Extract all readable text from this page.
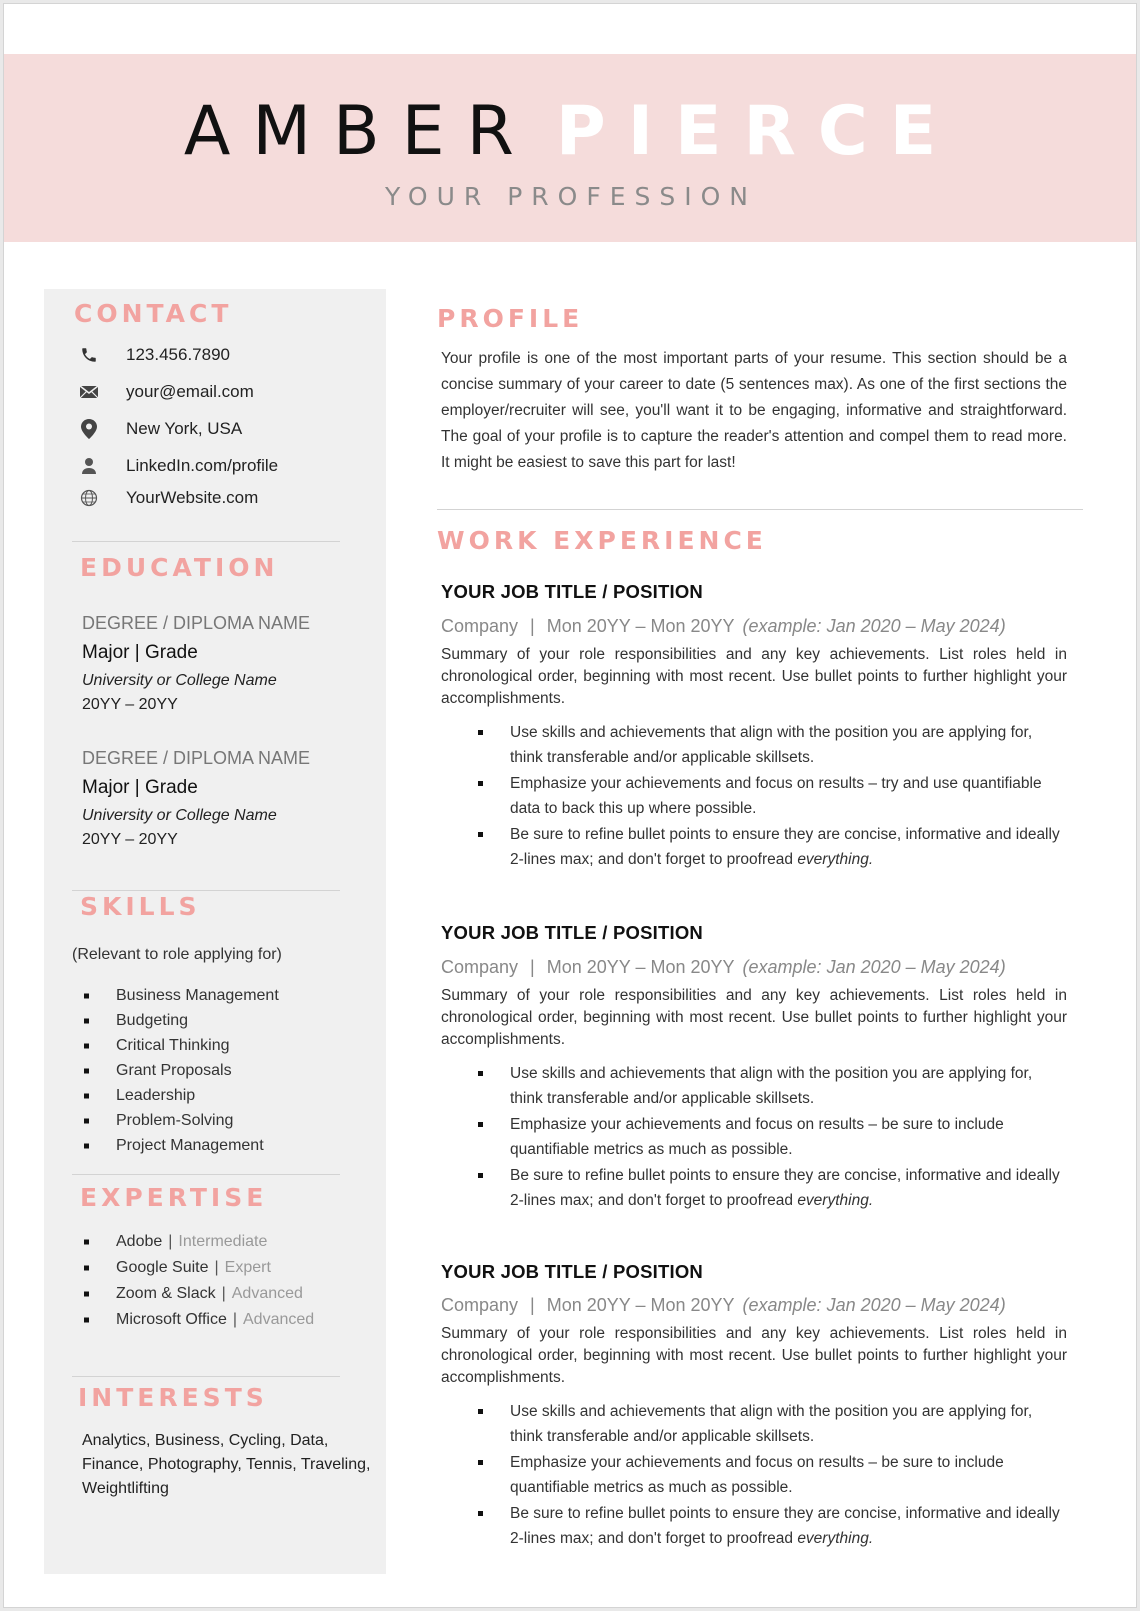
AMBER PIERCE
YOUR PROFESSION
CONTACT
123.456.7890
your@email.com
New York, USA
LinkedIn.com/profile
YourWebsite.com
EDUCATION
DEGREE / DIPLOMA NAME
Major | Grade
University or College Name
20YY – 20YY
DEGREE / DIPLOMA NAME
Major | Grade
University or College Name
20YY – 20YY
SKILLS
(Relevant to role applying for)
Business Management
Budgeting
Critical Thinking
Grant Proposals
Leadership
Problem-Solving
Project Management
EXPERTISE
Adobe | Intermediate
Google Suite | Expert
Zoom & Slack | Advanced
Microsoft Office | Advanced
INTERESTS
Analytics, Business, Cycling, Data, Finance, Photography, Tennis, Traveling, Weightlifting
PROFILE
Your profile is one of the most important parts of your resume. This section should be a concise summary of your career to date (5 sentences max). As one of the first sections the employer/recruiter will see, you'll want it to be engaging, informative and straightforward. The goal of your profile is to capture the reader's attention and compel them to read more. It might be easiest to save this part for last!
WORK EXPERIENCE
YOUR JOB TITLE / POSITION
Company | Mon 20YY – Mon 20YY (example: Jan 2020 – May 2024)
Summary of your role responsibilities and any key achievements. List roles held in chronological order, beginning with most recent. Use bullet points to further highlight your accomplishments.
Use skills and achievements that align with the position you are applying for, think transferable and/or applicable skillsets.
Emphasize your achievements and focus on results – try and use quantifiable data to back this up where possible.
Be sure to refine bullet points to ensure they are concise, informative and ideally 2-lines max; and don't forget to proofread everything.
YOUR JOB TITLE / POSITION
Company | Mon 20YY – Mon 20YY (example: Jan 2020 – May 2024)
Summary of your role responsibilities and any key achievements. List roles held in chronological order, beginning with most recent. Use bullet points to further highlight your accomplishments.
Use skills and achievements that align with the position you are applying for, think transferable and/or applicable skillsets.
Emphasize your achievements and focus on results – be sure to include quantifiable metrics as much as possible.
Be sure to refine bullet points to ensure they are concise, informative and ideally 2-lines max; and don't forget to proofread everything.
YOUR JOB TITLE / POSITION
Company | Mon 20YY – Mon 20YY (example: Jan 2020 – May 2024)
Summary of your role responsibilities and any key achievements. List roles held in chronological order, beginning with most recent. Use bullet points to further highlight your accomplishments.
Use skills and achievements that align with the position you are applying for, think transferable and/or applicable skillsets.
Emphasize your achievements and focus on results – be sure to include quantifiable metrics as much as possible.
Be sure to refine bullet points to ensure they are concise, informative and ideally 2-lines max; and don't forget to proofread everything.
